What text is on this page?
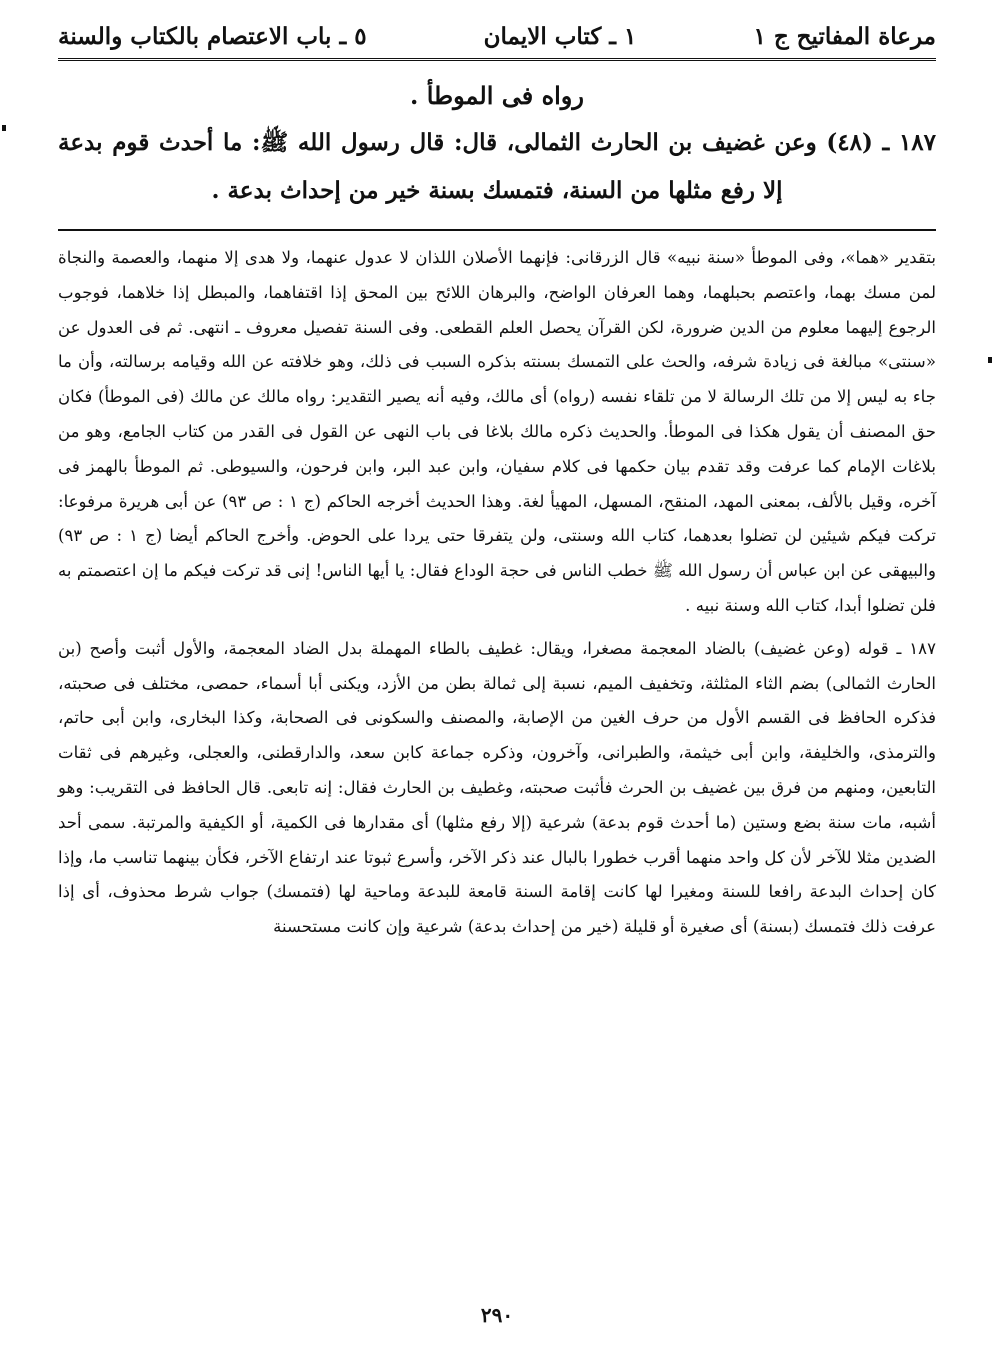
مرعاة المفاتيح ج ١
١ ـ كتاب الايمان
٥ ـ باب الاعتصام بالكتاب والسنة
رواه فى الموطأ .
١٨٧ ـ (٤٨) وعن غضيف بن الحارث الثمالى، قال: قال رسول الله ﷺ: ما أحدث قوم بدعة إلا رفع مثلها من السنة، فتمسك بسنة خير من إحداث بدعة .

بتقدير «هما»، وفى الموطأ «سنة نبيه» قال الزرقانى: فإنهما الأصلان اللذان لا عدول عنهما، ولا هدى إلا منهما، والعصمة والنجاة لمن مسك بهما، واعتصم بحبلهما، وهما العرفان الواضح، والبرهان اللائح بين المحق إذا اقتفاهما، والمبطل إذا خلاهما، فوجوب الرجوع إليهما معلوم من الدين ضرورة، لكن القرآن يحصل العلم القطعى. وفى السنة تفصيل معروف ـ انتهى. ثم فى العدول عن «سنتى» مبالغة فى زيادة شرفه، والحث على التمسك بسنته بذكره السبب فى ذلك، وهو خلافته عن الله وقيامه برسالته، وأن ما جاء به ليس إلا من تلك الرسالة لا من تلقاء نفسه (رواه) أى مالك، وفيه أنه يصير التقدير: رواه مالك عن مالك (فى الموطأ) فكان حق المصنف أن يقول هكذا فى الموطأ. والحديث ذكره مالك بلاغا فى باب النهى عن القول فى القدر من كتاب الجامع، وهو من بلاغات الإمام كما عرفت وقد تقدم بيان حكمها فى كلام سفيان، وابن عبد البر، وابن فرحون، والسيوطى. ثم الموطأ بالهمز فى آخره، وقيل بالألف، بمعنى المهد، المنقح، المسهل، المهيأ لغة. وهذا الحديث أخرجه الحاكم (ج ١ : ص ٩٣) عن أبى هريرة مرفوعا: تركت فيكم شيئين لن تضلوا بعدهما، كتاب الله وسنتى، ولن يتفرقا حتى يردا على الحوض. وأخرج الحاكم أيضا (ج ١ : ص ٩٣) والبيهقى عن ابن عباس أن رسول الله ﷺ خطب الناس فى حجة الوداع فقال: يا أيها الناس! إنى قد تركت فيكم ما إن اعتصمتم به فلن تضلوا أبدا، كتاب الله وسنة نبيه .

١٨٧ ـ قوله (وعن غضيف) بالضاد المعجمة مصغرا، ويقال: غطيف بالطاء المهملة بدل الضاد المعجمة، والأول أثبت وأصح (بن الحارث الثمالى) بضم الثاء المثلثة، وتخفيف الميم، نسبة إلى ثمالة بطن من الأزد، ويكنى أبا أسماء، حمصى، مختلف فى صحبته، فذكره الحافظ فى القسم الأول من حرف الغين من الإصابة، والمصنف والسكونى فى الصحابة، وكذا البخارى، وابن أبى حاتم، والترمذى، والخليفة، وابن أبى خيثمة، والطبرانى، وآخرون، وذكره جماعة كابن سعد، والدارقطنى، والعجلى، وغيرهم فى ثقات التابعين، ومنهم من فرق بين غضيف بن الحرث فأثبت صحبته، وغطيف بن الحارث فقال: إنه تابعى. قال الحافظ فى التقريب: وهو أشبه، مات سنة بضع وستين (ما أحدث قوم بدعة) شرعية (إلا رفع مثلها) أى مقدارها فى الكمية، أو الكيفية والمرتبة. سمى أحد الضدين مثلا للآخر لأن كل واحد منهما أقرب خطورا بالبال عند ذكر الآخر، وأسرع ثبوتا عند ارتفاع الآخر، فكأن بينهما تناسب ما، وإذا كان إحداث البدعة رافعا للسنة ومغيرا لها كانت إقامة السنة قامعة للبدعة وماحية لها (فتمسك) جواب شرط محذوف، أى إذا عرفت ذلك فتمسك (بسنة) أى صغيرة أو قليلة (خير من إحداث بدعة) شرعية وإن كانت مستحسنة

٢٩٠
